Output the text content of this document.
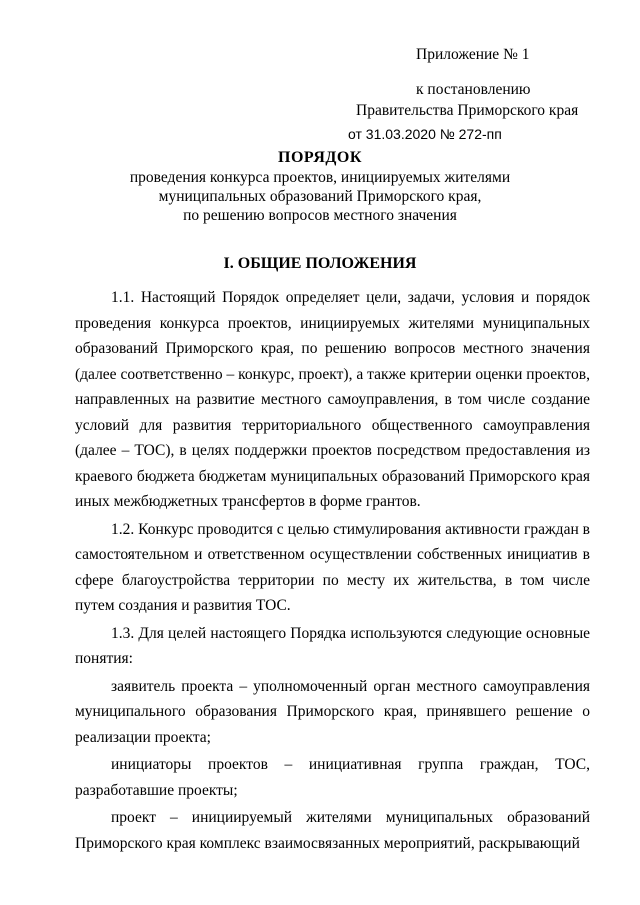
Приложение № 1
к постановлению
Правительства Приморского края
от 31.03.2020 № 272-пп
ПОРЯДОК
проведения конкурса проектов, инициируемых жителями
муниципальных образований Приморского края,
по решению вопросов местного значения
I. ОБЩИЕ ПОЛОЖЕНИЯ

1.1. Настоящий Порядок определяет цели, задачи, условия и порядок проведения конкурса проектов, инициируемых жителями муниципальных образований Приморского края, по решению вопросов местного значения (далее соответственно – конкурс, проект), а также критерии оценки проектов, направленных на развитие местного самоуправления, в том числе создание условий для развития территориального общественного самоуправления (далее – ТОС), в целях поддержки проектов посредством предоставления из краевого бюджета бюджетам муниципальных образований Приморского края иных межбюджетных трансфертов в форме грантов.

1.2. Конкурс проводится с целью стимулирования активности граждан в самостоятельном и ответственном осуществлении собственных инициатив в сфере благоустройства территории по месту их жительства, в том числе путем создания и развития ТОС.

1.3. Для целей настоящего Порядка используются следующие основные понятия:

заявитель проекта – уполномоченный орган местного самоуправления муниципального образования Приморского края, принявшего решение о реализации проекта;

инициаторы проектов – инициативная группа граждан, ТОС, разработавшие проекты;

проект – инициируемый жителями муниципальных образований Приморского края комплекс взаимосвязанных мероприятий, раскрывающий
